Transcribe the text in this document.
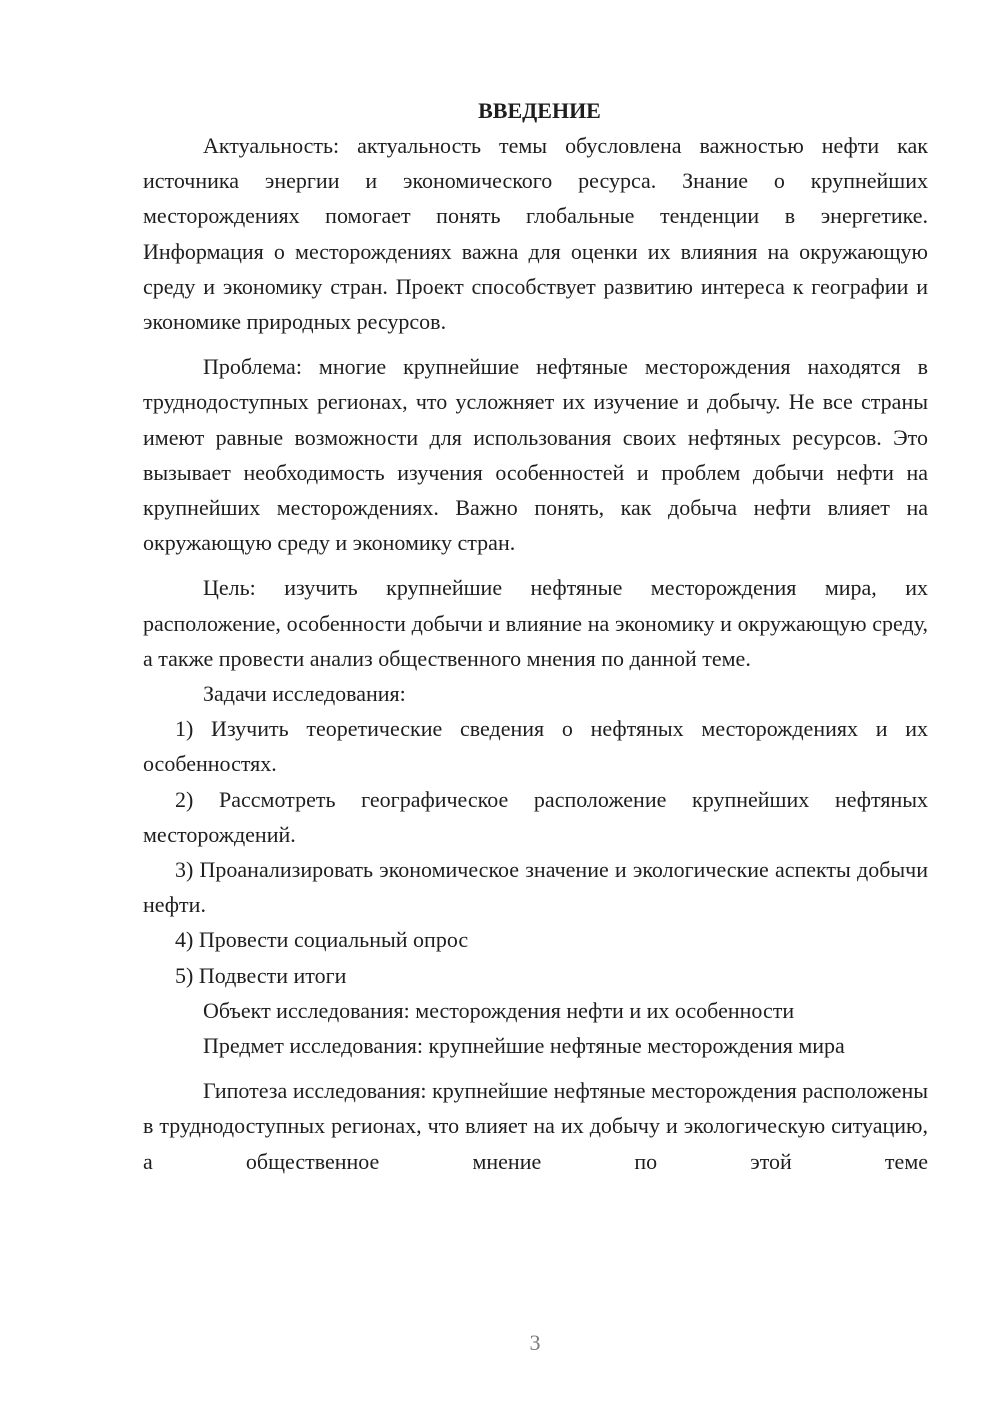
ВВЕДЕНИЕ

Актуальность: актуальность темы обусловлена важностью нефти как источника энергии и экономического ресурса. Знание о крупнейших месторождениях помогает понять глобальные тенденции в энергетике. Информация о месторождениях важна для оценки их влияния на окружающую среду и экономику стран. Проект способствует развитию интереса к географии и экономике природных ресурсов.

Проблема: многие крупнейшие нефтяные месторождения находятся в труднодоступных регионах, что усложняет их изучение и добычу. Не все страны имеют равные возможности для использования своих нефтяных ресурсов. Это вызывает необходимость изучения особенностей и проблем добычи нефти на крупнейших месторождениях. Важно понять, как добыча нефти влияет на окружающую среду и экономику стран.

Цель: изучить крупнейшие нефтяные месторождения мира, их расположение, особенности добычи и влияние на экономику и окружающую среду, а также провести анализ общественного мнения по данной теме.

Задачи исследования:

1) Изучить теоретические сведения о нефтяных месторождениях и их особенностях.

2) Рассмотреть географическое расположение крупнейших нефтяных месторождений.

3) Проанализировать экономическое значение и экологические аспекты добычи нефти.

4) Провести социальный опрос

5) Подвести итоги

Объект исследования: месторождения нефти и их особенности

Предмет исследования: крупнейшие нефтяные месторождения мира

Гипотеза исследования: крупнейшие нефтяные месторождения расположены в труднодоступных регионах, что влияет на их добычу и экологическую ситуацию, а общественное мнение по этой теме

3
